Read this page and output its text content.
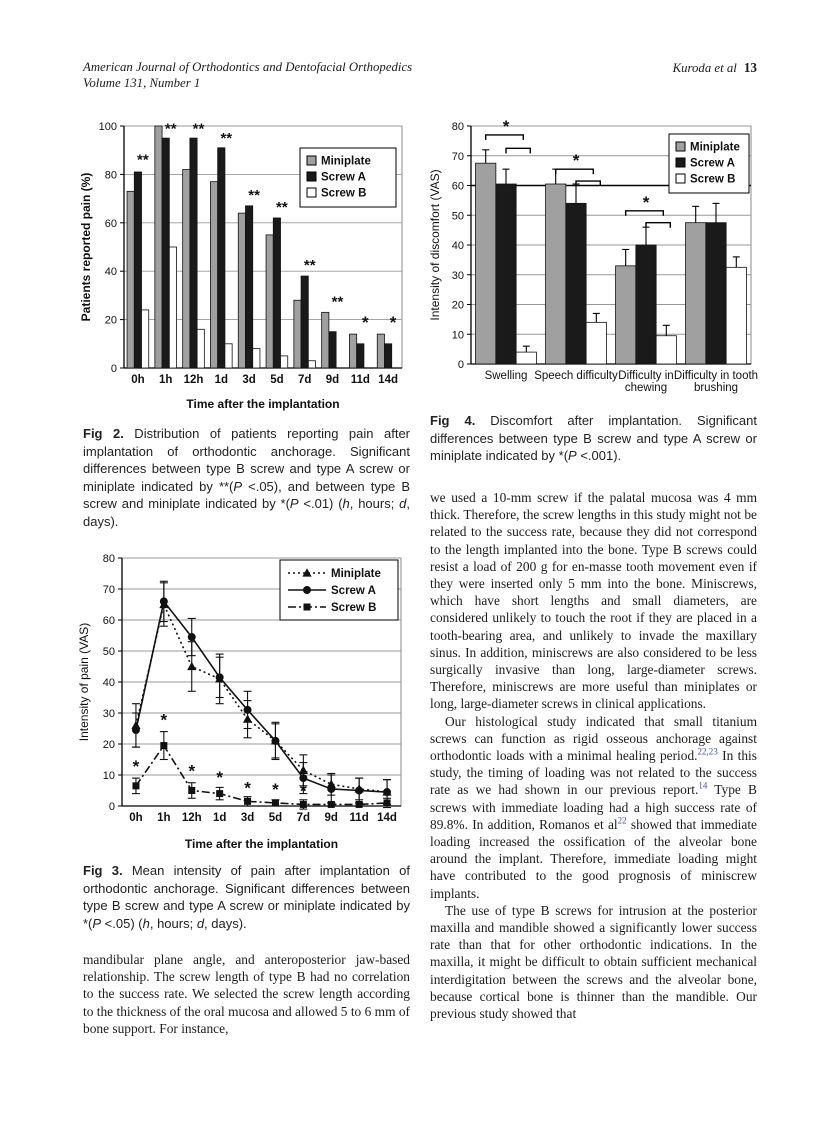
American Journal of Orthodontics and Dentofacial Orthopedics
Volume 131, Number 1
Kuroda et al 13
0
20
40
60
80
100
0h 1h 12h 1d 3d 5d 7d 9d 11d 14d
Time after the implantation
Patients reported pain (%)
**
** **
**
**
**
**
**
* *
Miniplate
Screw A
Screw B
Fig 2. Distribution of patients reporting pain after implantation of orthodontic anchorage. Significant differences between type B screw and type A screw or miniplate indicated by **(P <.05), and between type B screw and miniplate indicated by *(P <.01) (h, hours; d, days).
0
10
20
30
40
50
60
70
80
0h 1h 12h 1d 3d 5d 7d 9d 11d 14d
Time after the implantation
Intensity of pain (VAS)
*
*
* *
* * *
Miniplate
Screw A
Screw B
Fig 3. Mean intensity of pain after implantation of orthodontic anchorage. Significant differences between type B screw and type A screw or miniplate indicated by *(P <.05) (h, hours; d, days).

mandibular plane angle, and anteroposterior jaw-based relationship. The screw length of type B had no correlation to the success rate. We selected the screw length according to the thickness of the oral mucosa and allowed 5 to 6 mm of bone support. For instance,

0
10
20
30
40
50
60
70
80
Swelling Speech difficulty Difficulty in chewing
Difficulty in tooth brushing
Intensity of discomfort (VAS)
*
*
*
Miniplate
Screw A
Screw B
Fig 4. Discomfort after implantation. Significant differences between type B screw and type A screw or miniplate indicated by *(P <.001).

we used a 10-mm screw if the palatal mucosa was 4 mm thick. Therefore, the screw lengths in this study might not be related to the success rate, because they did not correspond to the length implanted into the bone. Type B screws could resist a load of 200 g for en-masse tooth movement even if they were inserted only 5 mm into the bone. Miniscrews, which have short lengths and small diameters, are considered unlikely to touch the root if they are placed in a tooth-bearing area, and unlikely to invade the maxillary sinus. In addition, miniscrews are also considered to be less surgically invasive than long, large-diameter screws. Therefore, miniscrews are more useful than miniplates or long, large-diameter screws in clinical applications.

Our histological study indicated that small titanium screws can function as rigid osseous anchorage against orthodontic loads with a minimal healing period.$^{22,23}$ In this study, the timing of loading was not related to the success rate as we had shown in our previous report.$^{14}$ Type B screws with immediate loading had a high success rate of 89.8%. In addition, Romanos et al$^{22}$ showed that immediate loading increased the ossification of the alveolar bone around the implant. Therefore, immediate loading might have contributed to the good prognosis of miniscrew implants.

The use of type B screws for intrusion at the posterior maxilla and mandible showed a significantly lower success rate than that for other orthodontic indications. In the maxilla, it might be difficult to obtain sufficient mechanical interdigitation between the screws and the alveolar bone, because cortical bone is thinner than the mandible. Our previous study showed that
